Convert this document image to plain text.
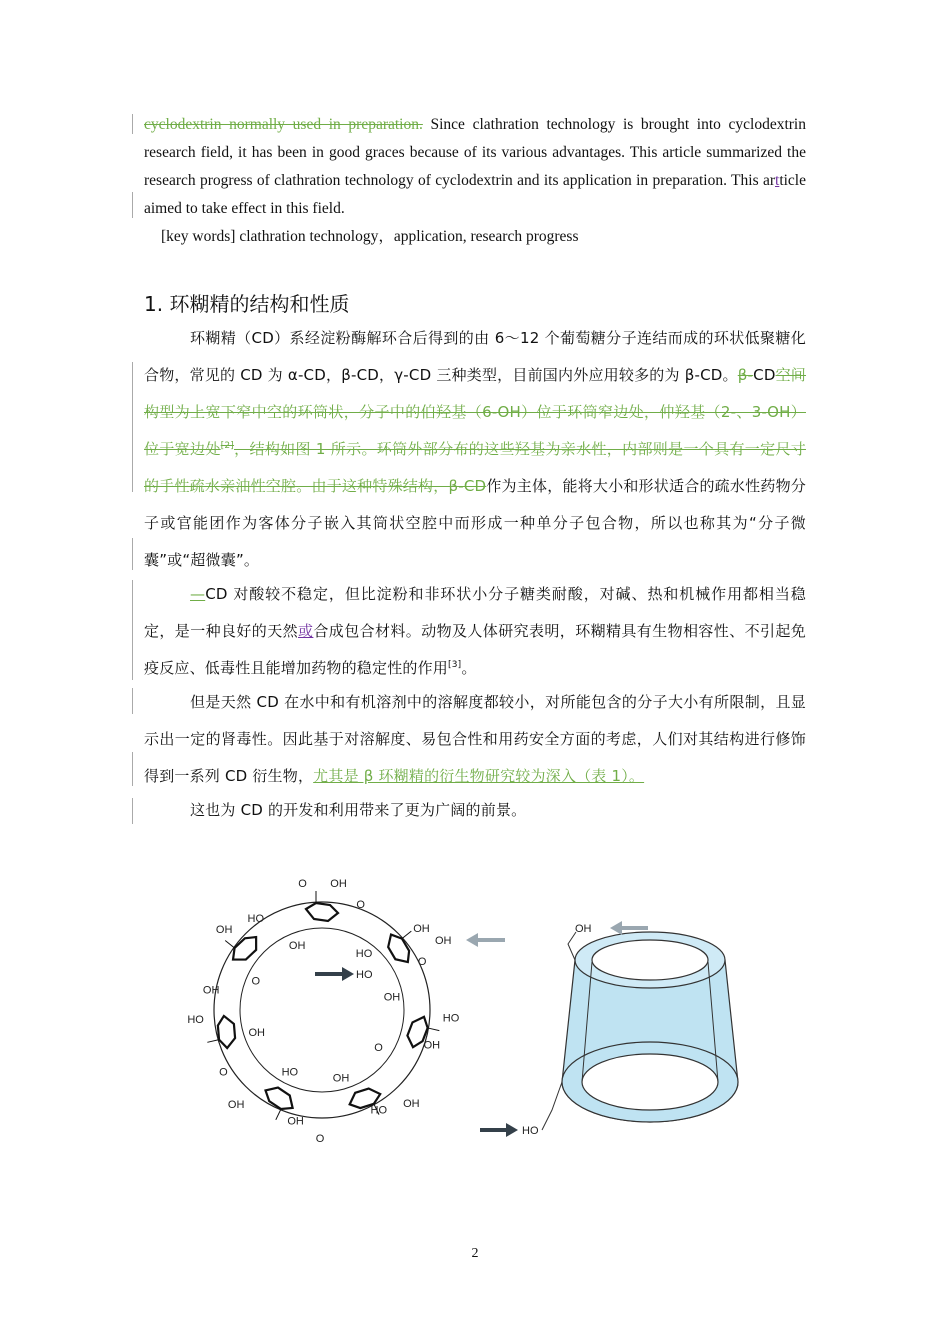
cyclodextrin normally used in preparation. Since clathration technology is brought into cyclodextrin research field, it has been in good graces because of its various advantages. This article summarized the research progress of clathration technology of cyclodextrin and its application in preparation. This artticle aimed to take effect in this field.

[key words] clathration technology，application, research progress

1. 环糊精的结构和性质

环糊精（CD）系经淀粉酶解环合后得到的由 6～12 个葡萄糖分子连结而成的环状低聚糖化合物，常见的 CD 为 α-CD，β-CD，γ-CD 三种类型，目前国内外应用较多的为 β-CD。β-CD空间构型为上宽下窄中空的环筒状，分子中的伯羟基（6-OH）位于环筒窄边处，仲羟基（2-、3-OH）位于宽边处[2]，结构如图 1 所示。环筒外部分布的这些羟基为亲水性，内部则是一个具有一定尺寸的手性疏水亲油性空腔。由于这种特殊结构，β-CD作为主体，能将大小和形状适合的疏水性药物分子或官能团作为客体分子嵌入其筒状空腔中而形成一种单分子包合物，所以也称其为“分子微囊”或“超微囊”。

—CD 对酸较不稳定，但比淀粉和非环状小分子糖类耐酸，对碱、热和机械作用都相当稳定，是一种良好的天然或合成包合材料。动物及人体研究表明，环糊精具有生物相容性、不引起免疫反应、低毒性且能增加药物的稳定性的作用[3]。

但是天然 CD 在水中和有机溶剂中的溶解度都较小，对所能包含的分子大小有所限制，且显示出一定的肾毒性。因此基于对溶解度、易包合性和用药安全方面的考虑，人们对其结构进行修饰得到一系列 CD 衍生物，尤其是 β 环糊精的衍生物研究较为深入（表 1）。

这也为 CD 的开发和利用带来了更为广阔的前景。

OH
O
HO
OH
O
OH
HO
OH
O
OH
HO
OH
O
OH
HO
OH
O
OH
HO
OH
O
OH
HO
OH
O
OH
HO
OH
HO
2
